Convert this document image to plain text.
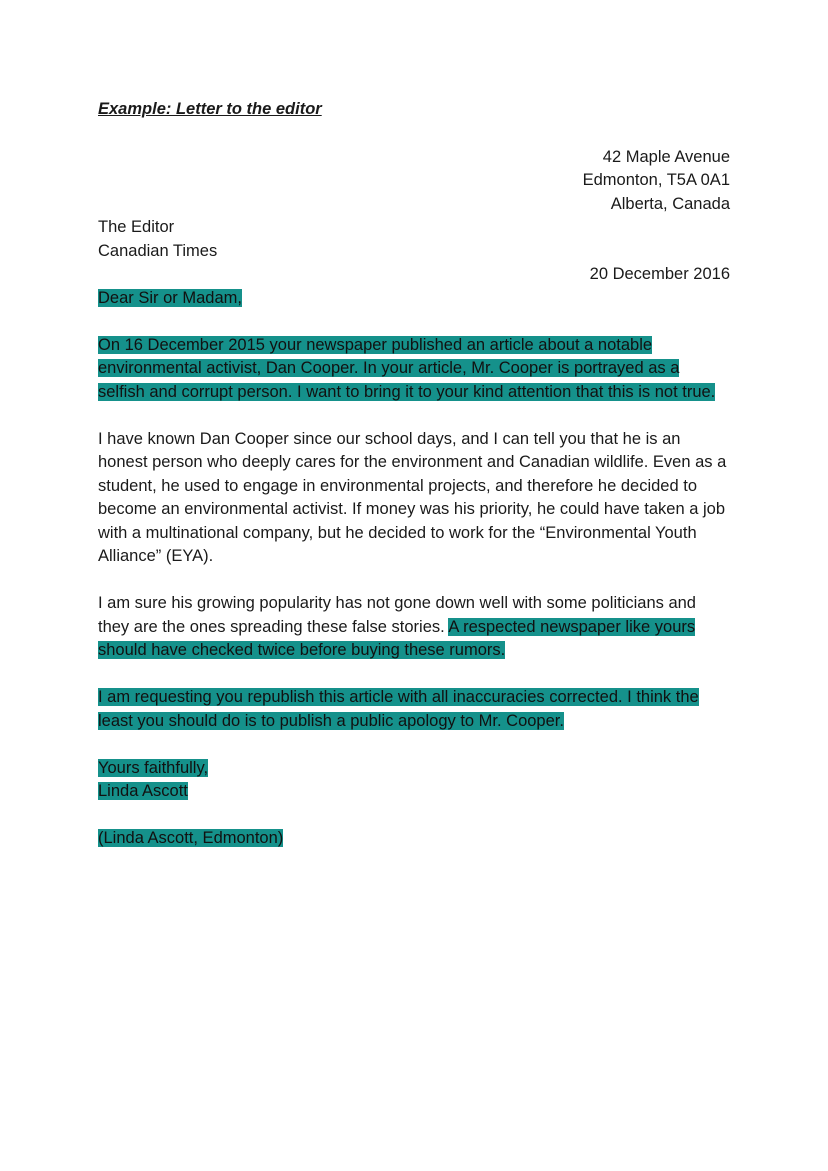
Example: Letter to the editor

42 Maple Avenue
Edmonton, T5A 0A1
Alberta, Canada
The Editor
Canadian Times
20 December 2016

Dear Sir or Madam,

On 16 December 2015 your newspaper published an article about a notable environmental activist, Dan Cooper. In your article, Mr. Cooper is portrayed as a selfish and corrupt person. I want to bring it to your kind attention that this is not true.

I have known Dan Cooper since our school days, and I can tell you that he is an honest person who deeply cares for the environment and Canadian wildlife. Even as a student, he used to engage in environmental projects, and therefore he decided to become an environmental activist. If money was his priority, he could have taken a job with a multinational company, but he decided to work for the “Environmental Youth Alliance” (EYA).

I am sure his growing popularity has not gone down well with some politicians and they are the ones spreading these false stories. A respected newspaper like yours should have checked twice before buying these rumors.

I am requesting you republish this article with all inaccuracies corrected. I think the least you should do is to publish a public apology to Mr. Cooper.

Yours faithfully,
Linda Ascott

(Linda Ascott, Edmonton)
